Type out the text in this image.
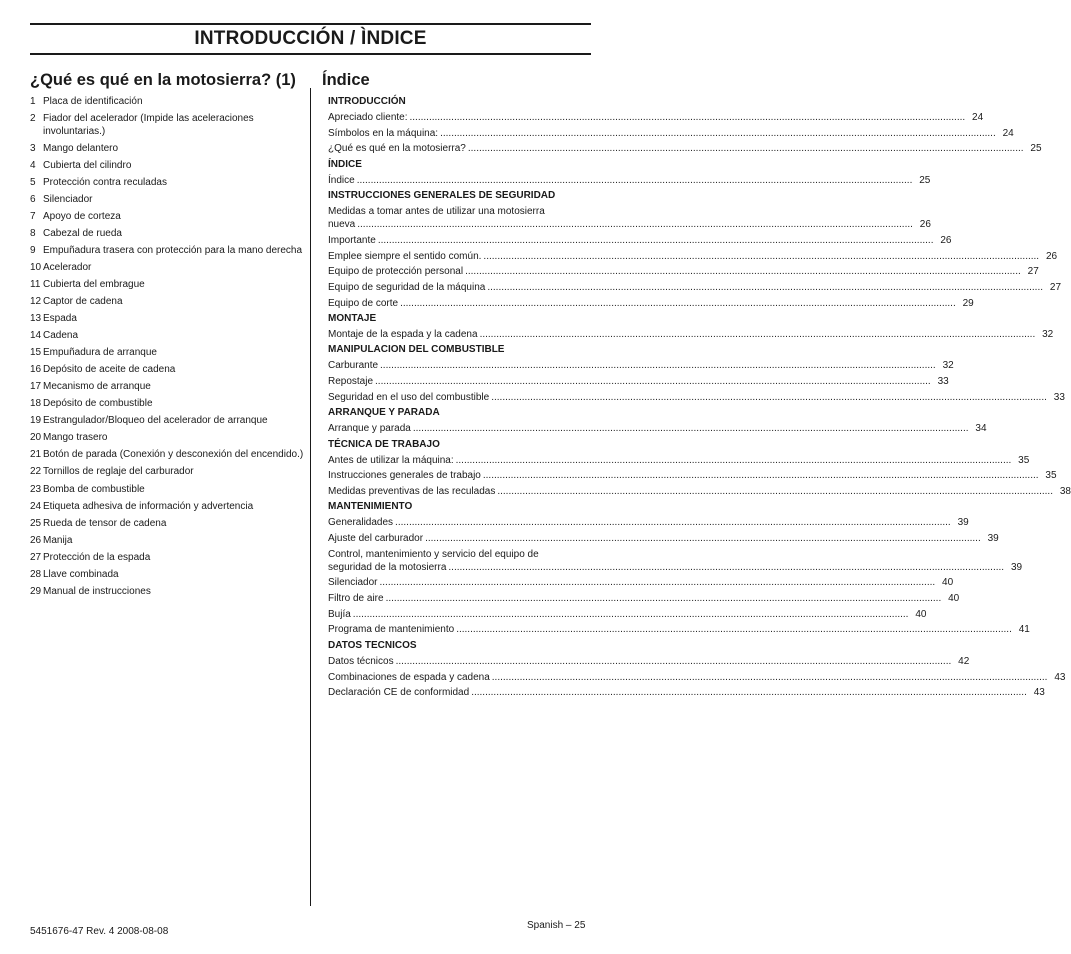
INTRODUCCIÓN / ÌNDICE
¿Qué es qué en la motosierra? (1)
1 Placa de identificación
2 Fiador del acelerador (Impide las aceleraciones involuntarias.)
3 Mango delantero
4 Cubierta del cilindro
5 Protección contra reculadas
6 Silenciador
7 Apoyo de corteza
8 Cabezal de rueda
9 Empuñadura trasera con protección para la mano derecha
10 Acelerador
11 Cubierta del embrague
12 Captor de cadena
13 Espada
14 Cadena
15 Empuñadura de arranque
16 Depósito de aceite de cadena
17 Mecanismo de arranque
18 Depósito de combustible
19 Estrangulador/Bloqueo del acelerador de arranque
20 Mango trasero
21 Botón de parada (Conexión y desconexión del encendido.)
22 Tornillos de reglaje del carburador
23 Bomba de combustible
24 Etiqueta adhesiva de información y advertencia
25 Rueda de tensor de cadena
26 Manija
27 Protección de la espada
28 Llave combinada
29 Manual de instrucciones
Índice
INTRODUCCIÓN
Apreciado cliente: ........................................................................................................................................................................................................ 24
Símbolos en la máquina: ........................................................................................................................................................................................................ 24
¿Qué es qué en la motosierra? ........................................................................................................................................................................................................ 25
ÍNDICE
Índice ........................................................................................................................................................................................................ 25
INSTRUCCIONES GENERALES DE SEGURIDAD
Medidas a tomar antes de utilizar una motosierra
nueva ........................................................................................................................................................................................................ 26
Importante ........................................................................................................................................................................................................ 26
Emplee siempre el sentido común. ........................................................................................................................................................................................................ 26
Equipo de protección personal ........................................................................................................................................................................................................ 27
Equipo de seguridad de la máquina ........................................................................................................................................................................................................ 27
Equipo de corte ........................................................................................................................................................................................................ 29
MONTAJE
Montaje de la espada y la cadena ........................................................................................................................................................................................................ 32
MANIPULACION DEL COMBUSTIBLE
Carburante ........................................................................................................................................................................................................ 32
Repostaje ........................................................................................................................................................................................................ 33
Seguridad en el uso del combustible ........................................................................................................................................................................................................ 33
ARRANQUE Y PARADA
Arranque y parada ........................................................................................................................................................................................................ 34
TÉCNICA DE TRABAJO
Antes de utilizar la máquina: ........................................................................................................................................................................................................ 35
Instrucciones generales de trabajo ........................................................................................................................................................................................................ 35
Medidas preventivas de las reculadas ........................................................................................................................................................................................................ 38
MANTENIMIENTO
Generalidades ........................................................................................................................................................................................................ 39
Ajuste del carburador ........................................................................................................................................................................................................ 39
Control, mantenimiento y servicio del equipo de
seguridad de la motosierra ........................................................................................................................................................................................................ 39
Silenciador ........................................................................................................................................................................................................ 40
Filtro de aire ........................................................................................................................................................................................................ 40
Bujía ........................................................................................................................................................................................................ 40
Programa de mantenimiento ........................................................................................................................................................................................................ 41
DATOS TECNICOS
Datos técnicos ........................................................................................................................................................................................................ 42
Combinaciones de espada y cadena ........................................................................................................................................................................................................ 43
Declaración CE de conformidad ........................................................................................................................................................................................................ 43
5451676-47 Rev. 4 2008-08-08
Spanish – 25
